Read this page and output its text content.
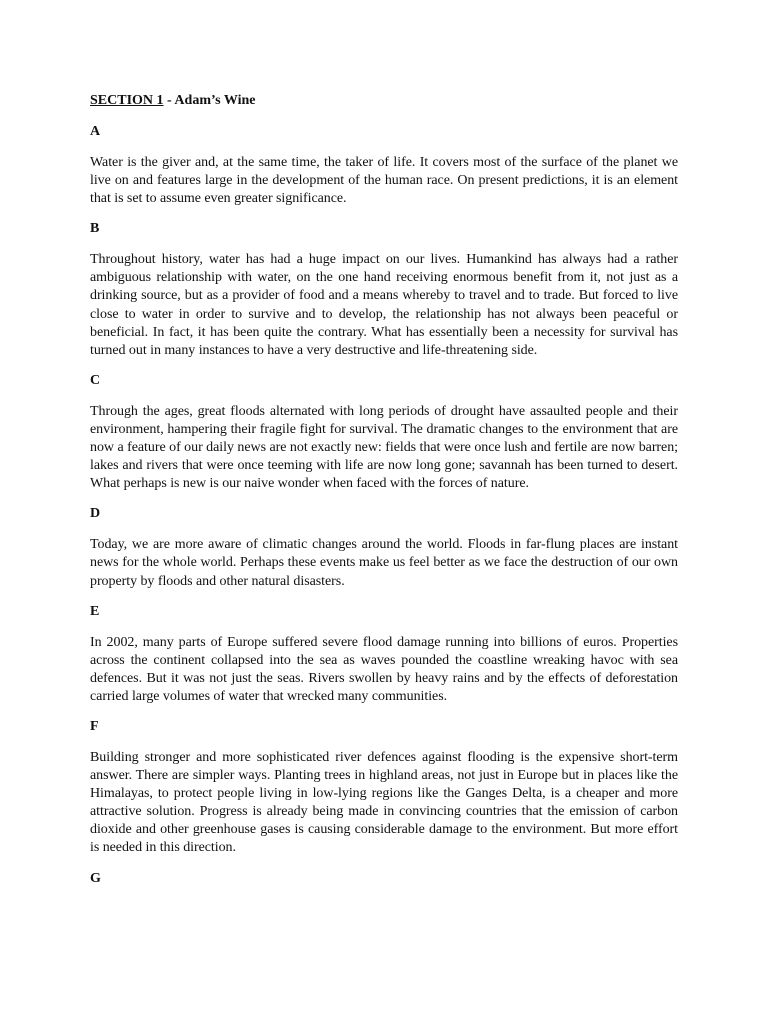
SECTION 1 - Adam’s Wine
A

Water is the giver and, at the same time, the taker of life. It covers most of the surface of the planet we live on and features large in the development of the human race. On present predictions, it is an element that is set to assume even greater significance.

B

Throughout history, water has had a huge impact on our lives. Humankind has always had a rather ambiguous relationship with water, on the one hand receiving enormous benefit from it, not just as a drinking source, but as a provider of food and a means whereby to travel and to trade. But forced to live close to water in order to survive and to develop, the relationship has not always been peaceful or beneficial. In fact, it has been quite the contrary. What has essentially been a necessity for survival has turned out in many instances to have a very destructive and life-threatening side.

C

Through the ages, great floods alternated with long periods of drought have assaulted people and their environment, hampering their fragile fight for survival. The dramatic changes to the environment that are now a feature of our daily news are not exactly new: fields that were once lush and fertile are now barren; lakes and rivers that were once teeming with life are now long gone; savannah has been turned to desert. What perhaps is new is our naive wonder when faced with the forces of nature.

D

Today, we are more aware of climatic changes around the world. Floods in far-flung places are instant news for the whole world. Perhaps these events make us feel better as we face the destruction of our own property by floods and other natural disasters.

E

In 2002, many parts of Europe suffered severe flood damage running into billions of euros. Properties across the continent collapsed into the sea as waves pounded the coastline wreaking havoc with sea defences. But it was not just the seas. Rivers swollen by heavy rains and by the effects of deforestation carried large volumes of water that wrecked many communities.

F

Building stronger and more sophisticated river defences against flooding is the expensive short-term answer. There are simpler ways. Planting trees in highland areas, not just in Europe but in places like the Himalayas, to protect people living in low-lying regions like the Ganges Delta, is a cheaper and more attractive solution. Progress is already being made in convincing countries that the emission of carbon dioxide and other greenhouse gases is causing considerable damage to the environment. But more effort is needed in this direction.

G
